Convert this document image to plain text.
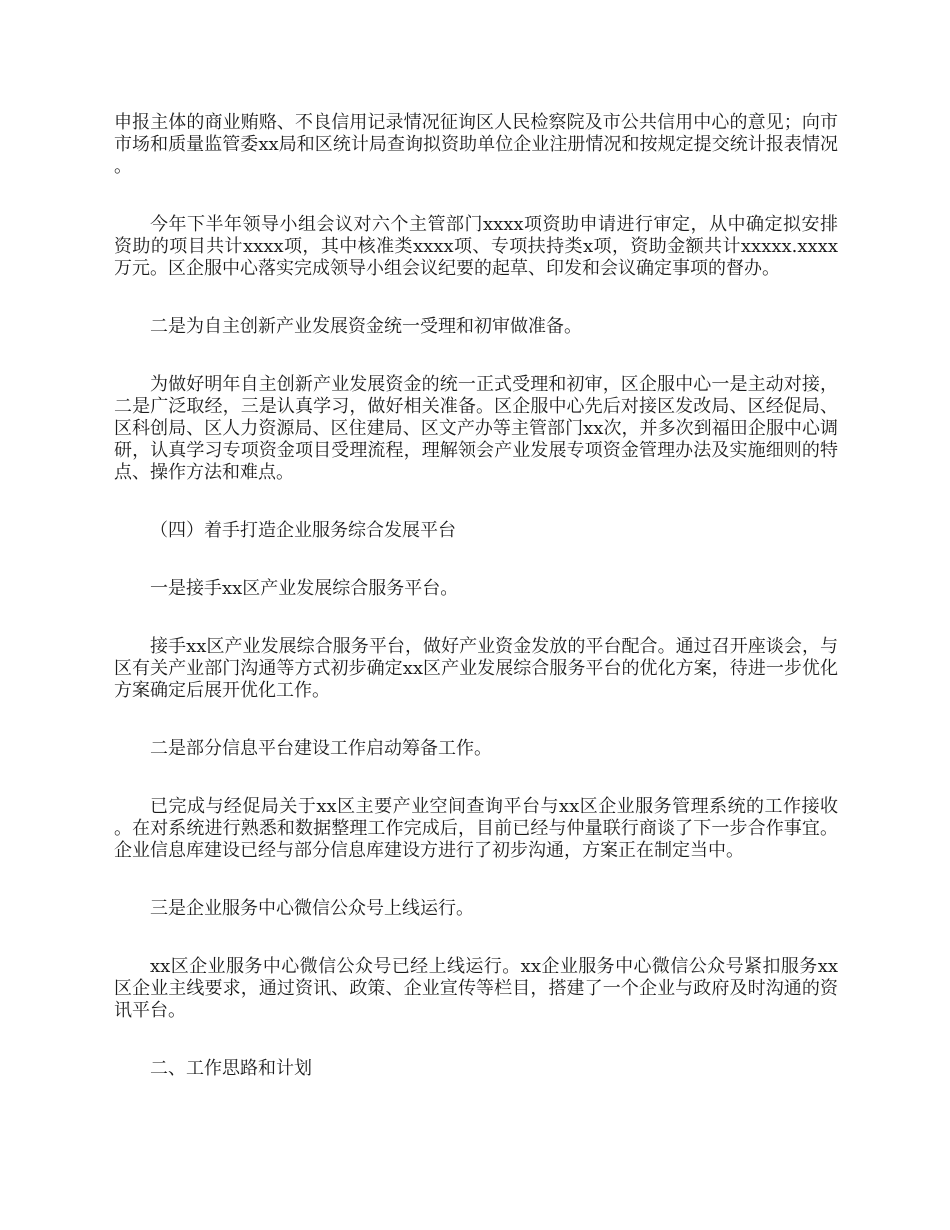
申报主体的商业贿赂、不良信用记录情况征询区人民检察院及市公共信用中心的意见；向市市场和质量监管委xx局和区统计局查询拟资助单位企业注册情况和按规定提交统计报表情况。

今年下半年领导小组会议对六个主管部门xxxx项资助申请进行审定，从中确定拟安排资助的项目共计xxxx项，其中核准类xxxx项、专项扶持类x项，资助金额共计xxxxx.xxxx万元。区企服中心落实完成领导小组会议纪要的起草、印发和会议确定事项的督办。

二是为自主创新产业发展资金统一受理和初审做准备。

为做好明年自主创新产业发展资金的统一正式受理和初审，区企服中心一是主动对接，二是广泛取经，三是认真学习，做好相关准备。区企服中心先后对接区发改局、区经促局、区科创局、区人力资源局、区住建局、区文产办等主管部门xx次，并多次到福田企服中心调研，认真学习专项资金项目受理流程，理解领会产业发展专项资金管理办法及实施细则的特点、操作方法和难点。

（四）着手打造企业服务综合发展平台

一是接手xx区产业发展综合服务平台。

接手xx区产业发展综合服务平台，做好产业资金发放的平台配合。通过召开座谈会，与区有关产业部门沟通等方式初步确定xx区产业发展综合服务平台的优化方案，待进一步优化方案确定后展开优化工作。

二是部分信息平台建设工作启动筹备工作。

已完成与经促局关于xx区主要产业空间查询平台与xx区企业服务管理系统的工作接收。在对系统进行熟悉和数据整理工作完成后，目前已经与仲量联行商谈了下一步合作事宜。企业信息库建设已经与部分信息库建设方进行了初步沟通，方案正在制定当中。

三是企业服务中心微信公众号上线运行。

xx区企业服务中心微信公众号已经上线运行。xx企业服务中心微信公众号紧扣服务xx区企业主线要求，通过资讯、政策、企业宣传等栏目，搭建了一个企业与政府及时沟通的资讯平台。

二、工作思路和计划
